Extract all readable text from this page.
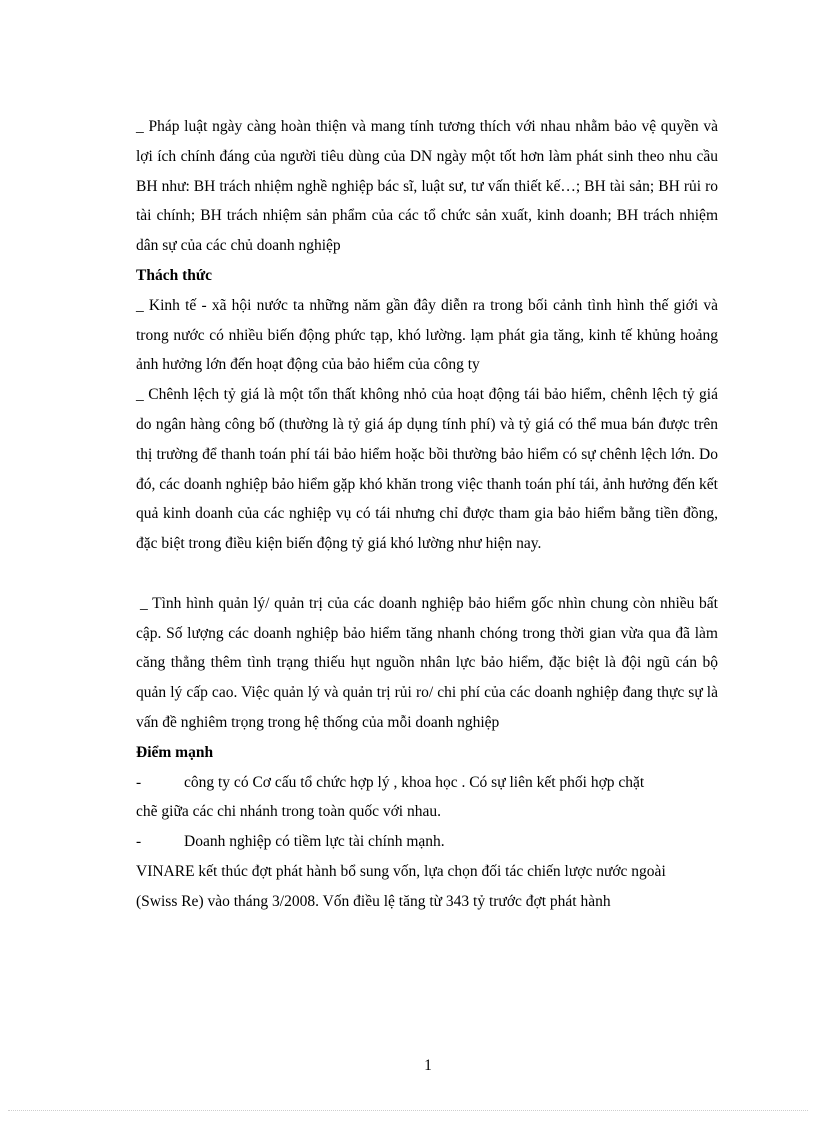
_ Pháp luật ngày càng hoàn thiện và mang tính tương thích với nhau nhằm bảo vệ quyền và lợi ích chính đáng của người tiêu dùng của DN ngày một tốt hơn làm phát sinh theo nhu cầu BH như: BH trách nhiệm nghề nghiệp bác sĩ, luật sư, tư vấn thiết kế…; BH tài sản; BH rủi ro tài chính; BH trách nhiệm sản phẩm của các tổ chức sản xuất, kinh doanh; BH trách nhiệm dân sự của các chủ doanh nghiệp

Thách thức

_ Kinh tế - xã hội nước ta những năm gần đây diễn ra trong bối cảnh tình hình thế giới và trong nước có nhiều biến động phức tạp, khó lường. lạm phát gia tăng, kinh tế khủng hoảng ảnh hưởng lớn đến hoạt động của bảo hiểm của công ty

_ Chênh lệch tỷ giá là một tổn thất không nhỏ của hoạt động tái bảo hiểm, chênh lệch tỷ giá do ngân hàng công bố (thường là tỷ giá áp dụng tính phí) và tỷ giá có thể mua bán được trên thị trường để thanh toán phí tái bảo hiểm hoặc bồi thường bảo hiểm có sự chênh lệch lớn. Do đó, các doanh nghiệp bảo hiểm gặp khó khăn trong việc thanh toán phí tái, ảnh hưởng đến kết quả kinh doanh của các nghiệp vụ có tái nhưng chỉ được tham gia bảo hiểm bằng tiền đồng, đặc biệt trong điều kiện biến động tỷ giá khó lường như hiện nay.

_ Tình hình quản lý/ quản trị của các doanh nghiệp bảo hiểm gốc nhìn chung còn nhiều bất cập. Số lượng các doanh nghiệp bảo hiểm tăng nhanh chóng trong thời gian vừa qua đã làm căng thẳng thêm tình trạng thiếu hụt nguồn nhân lực bảo hiểm, đặc biệt là đội ngũ cán bộ quản lý cấp cao. Việc quản lý và quản trị rủi ro/ chi phí của các doanh nghiệp đang thực sự là vấn đề nghiêm trọng trong hệ thống của mỗi doanh nghiệp

Điểm mạnh

-	công ty có Cơ cấu tổ chức hợp lý , khoa học . Có sự liên kết phối hợp chặt

chẽ giữa các chi nhánh trong toàn quốc với nhau.

-	Doanh nghiệp có tiềm lực tài chính mạnh.

VINARE kết thúc đợt phát hành bổ sung vốn, lựa chọn đối tác chiến lược nước ngoài

(Swiss Re) vào tháng 3/2008. Vốn điều lệ tăng từ 343 tỷ trước đợt phát hành

1
